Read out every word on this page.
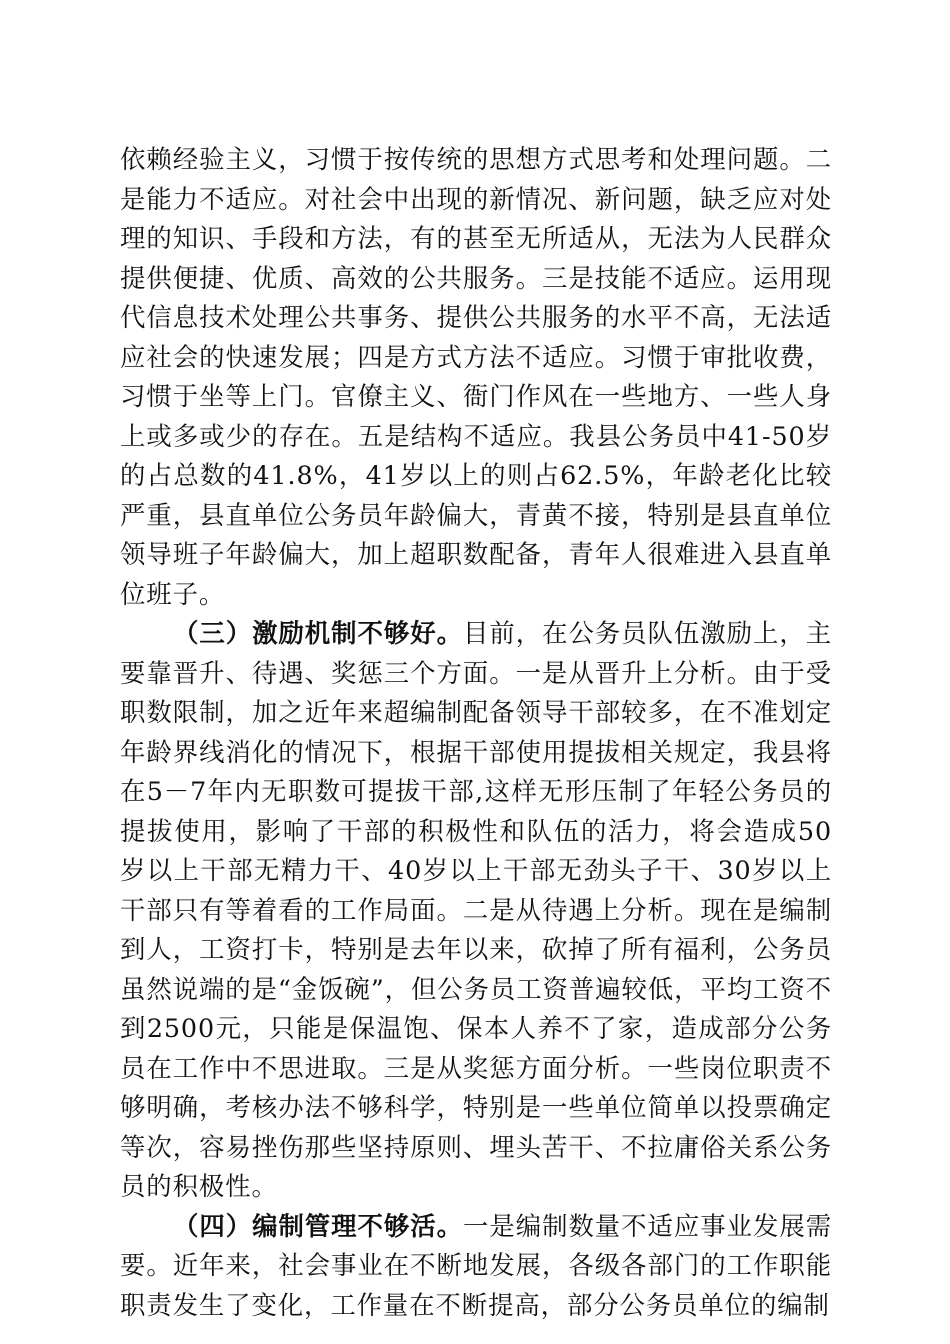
依赖经验主义，习惯于按传统的思想方式思考和处理问题。二是能力不适应。对社会中出现的新情况、新问题，缺乏应对处理的知识、手段和方法，有的甚至无所适从，无法为人民群众提供便捷、优质、高效的公共服务。三是技能不适应。运用现代信息技术处理公共事务、提供公共服务的水平不高，无法适应社会的快速发展；四是方式方法不适应。习惯于审批收费，习惯于坐等上门。官僚主义、衙门作风在一些地方、一些人身上或多或少的存在。五是结构不适应。我县公务员中41-50岁的占总数的41.8%，41岁以上的则占62.5%，年龄老化比较严重，县直单位公务员年龄偏大，青黄不接，特别是县直单位领导班子年龄偏大，加上超职数配备，青年人很难进入县直单位班子。

（三）激励机制不够好。目前，在公务员队伍激励上，主要靠晋升、待遇、奖惩三个方面。一是从晋升上分析。由于受职数限制，加之近年来超编制配备领导干部较多，在不准划定年龄界线消化的情况下，根据干部使用提拔相关规定，我县将在5－7年内无职数可提拔干部,这样无形压制了年轻公务员的提拔使用，影响了干部的积极性和队伍的活力，将会造成50岁以上干部无精力干、40岁以上干部无劲头子干、30岁以上干部只有等着看的工作局面。二是从待遇上分析。现在是编制到人，工资打卡，特别是去年以来，砍掉了所有福利，公务员虽然说端的是“金饭碗”，但公务员工资普遍较低，平均工资不到2500元，只能是保温饱、保本人养不了家，造成部分公务员在工作中不思进取。三是从奖惩方面分析。一些岗位职责不够明确，考核办法不够科学，特别是一些单位简单以投票确定等次，容易挫伤那些坚持原则、埋头苦干、不拉庸俗关系公务员的积极性。

（四）编制管理不够活。一是编制数量不适应事业发展需要。近年来，社会事业在不断地发展，各级各部门的工作职能职责发生了变化，工作量在不断提高，部分公务员单位的编制
